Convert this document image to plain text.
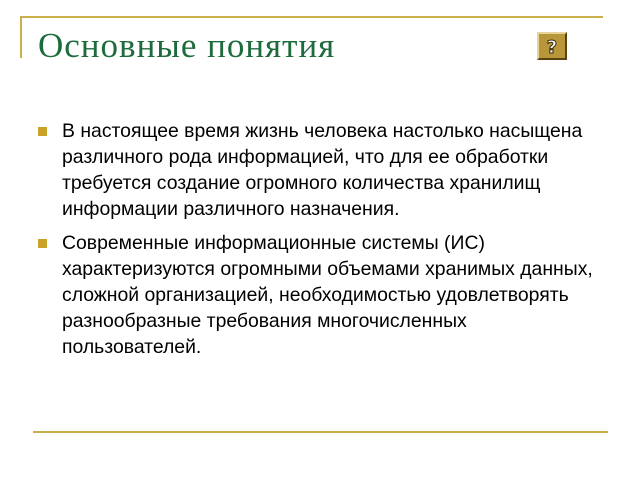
Основные понятия	?
В настоящее время жизнь человека настолько насыщена различного рода информацией, что для ее обработки требуется создание огромного количества хранилищ информации различного назначения.
Современные информационные системы (ИС) характеризуются огромными объемами хранимых данных, сложной организацией, необходимостью удовлетворять разнообразные требования многочисленных пользователей.
